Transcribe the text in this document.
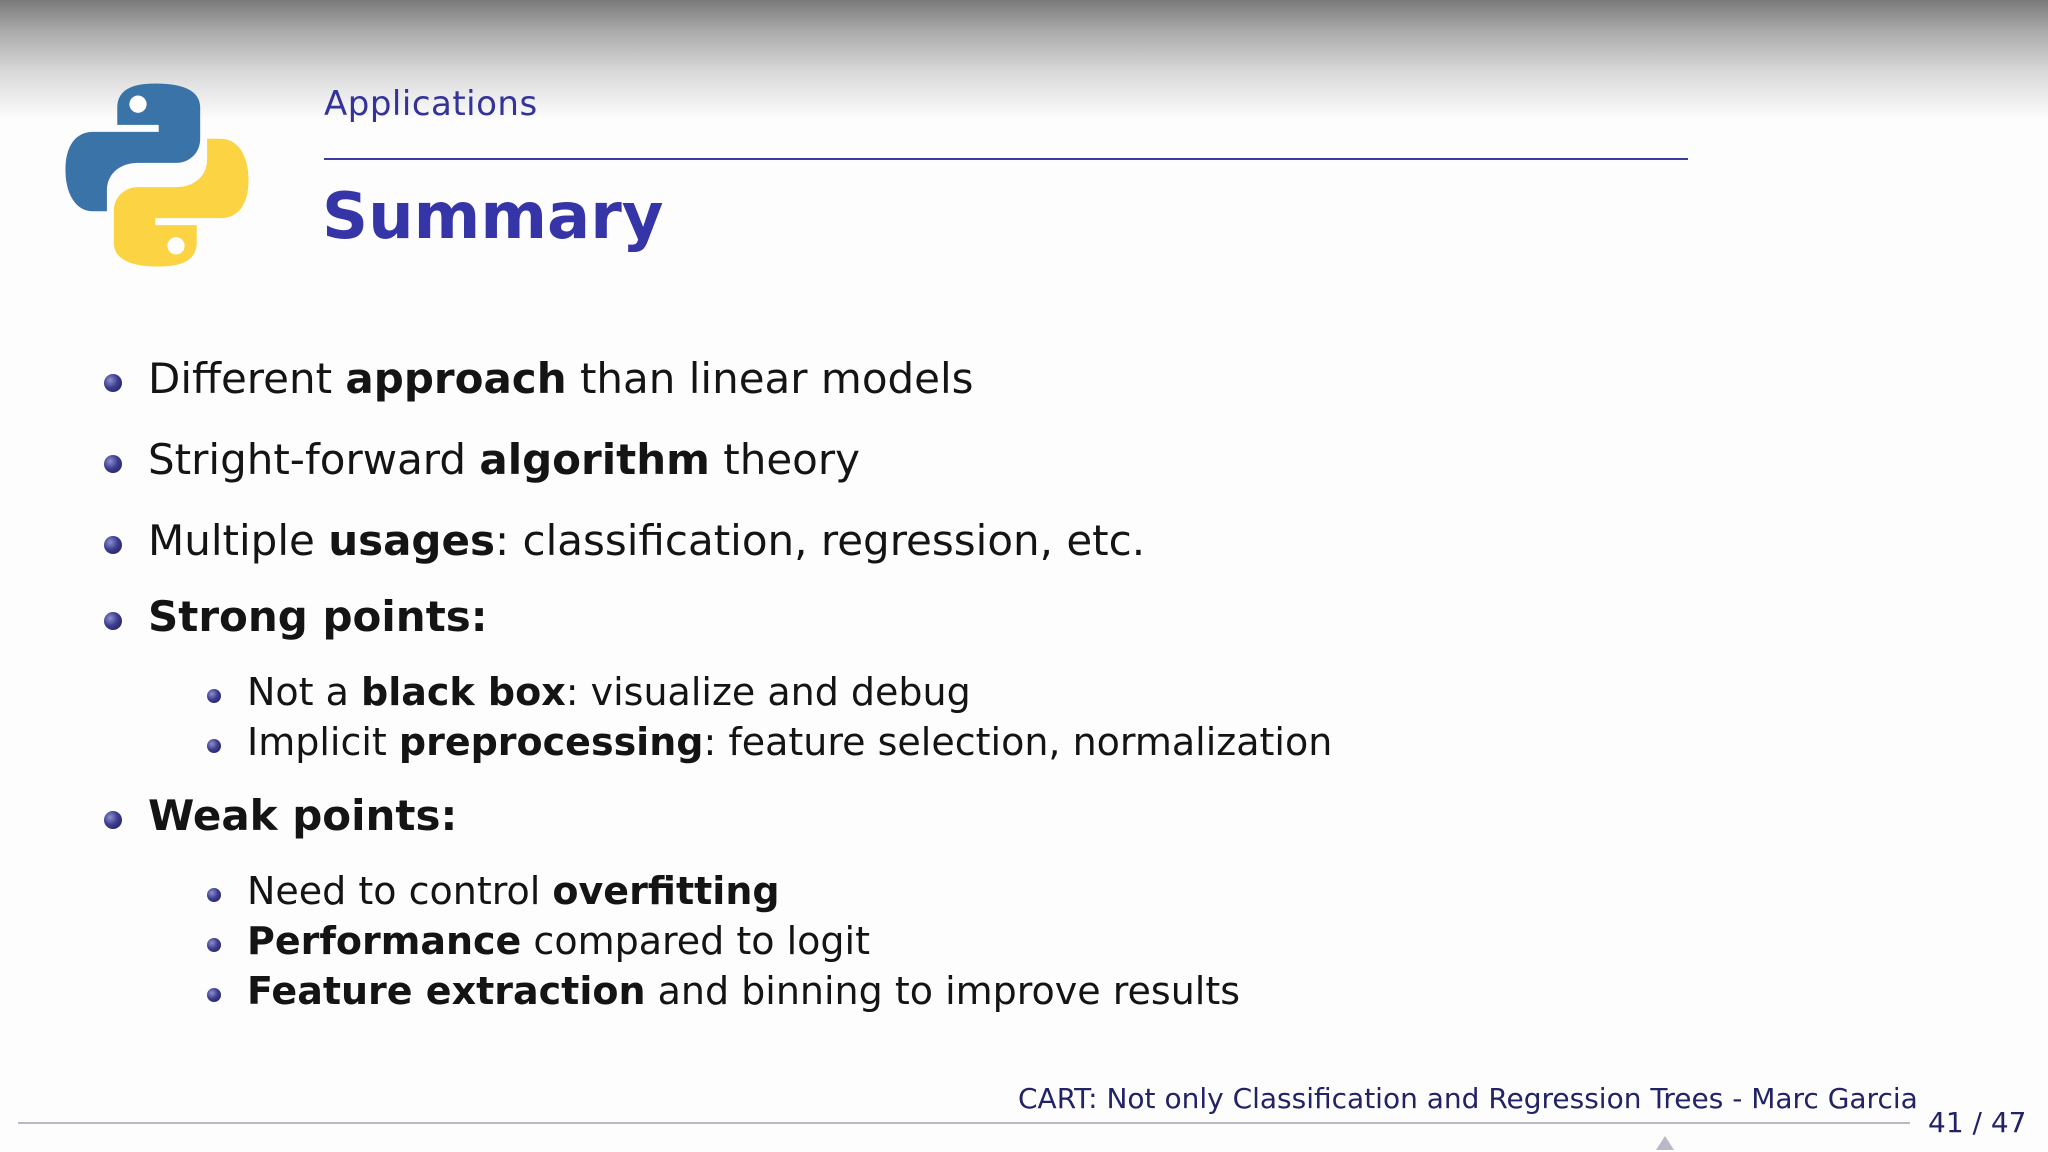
Applications
Summary
Different approach than linear models
Stright-forward algorithm theory
Multiple usages: classification, regression, etc.
Strong points:
Not a black box: visualize and debug
Implicit preprocessing: feature selection, normalization
Weak points:
Need to control overfitting
Performance compared to logit
Feature extraction and binning to improve results
CART: Not only Classification and Regression Trees - Marc Garcia
41 / 47
